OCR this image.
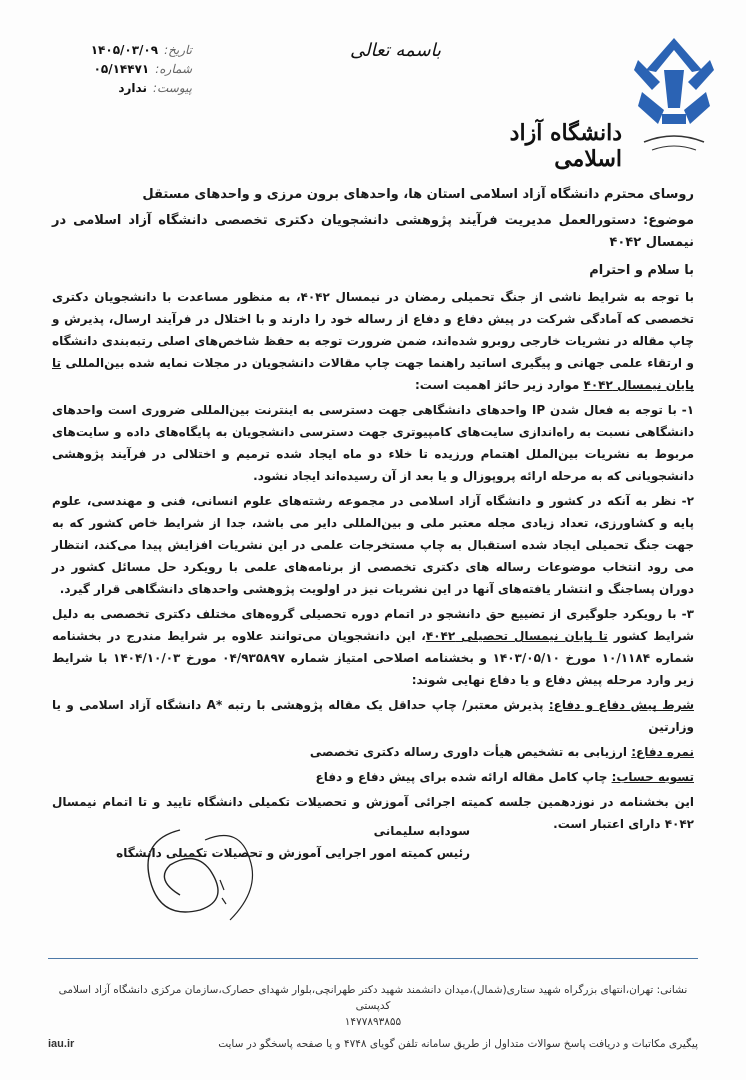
دانشگاه آزاد اسلامی
باسمه تعالی
تاریخ:
۱۴۰۵/۰۳/۰۹
شماره:
۰۵/۱۴۴۷۱
پیوست:
ندارد

روسای محترم دانشگاه آزاد اسلامی استان ها، واحدهای برون مرزی و واحدهای مستقل

موضوع: دستورالعمل مدیریت فرآیند پژوهشی دانشجویان دکتری تخصصی دانشگاه آزاد اسلامی در نیمسال ۴۰۴۲

با سلام و احترام

با توجه به شرایط ناشی از جنگ تحمیلی رمضان در نیمسال ۴۰۴۲، به منظور مساعدت با دانشجویان دکتری تخصصی که آمادگی شرکت در پیش دفاع و دفاع از رساله خود را دارند و با اختلال در فرآیند ارسال، پذیرش و چاپ مقاله در نشریات خارجی روبرو شده‌اند، ضمن ضرورت توجه به حفظ شاخص‌های اصلی رتبه‌بندی دانشگاه و ارتقاء علمی جهانی و پیگیری اساتید راهنما جهت چاپ مقالات دانشجویان در مجلات نمایه شده بین‌المللی تا پایان نیمسال ۴۰۴۲ موارد زیر حائز اهمیت است:

۱- با توجه به فعال شدن IP واحدهای دانشگاهی جهت دسترسی به اینترنت بین‌المللی ضروری است واحدهای دانشگاهی نسبت به راه‌اندازی سایت‌های کامپیوتری جهت دسترسی دانشجویان به پایگاه‌های داده و سایت‌های مربوط به نشریات بین‌الملل اهتمام ورزیده تا خلاء دو ماه ایجاد شده ترمیم و اختلالی در فرآیند پژوهشی دانشجویانی که به مرحله ارائه پروپوزال و یا بعد از آن رسیده‌اند ایجاد نشود.

۲- نظر به آنکه در کشور و دانشگاه آزاد اسلامی در مجموعه رشته‌های علوم انسانی، فنی و مهندسی، علوم پایه و کشاورزی، تعداد زیادی مجله معتبر ملی و بین‌المللی دایر می باشد، جدا از شرایط خاص کشور که به جهت جنگ تحمیلی ایجاد شده استقبال به چاپ مستخرجات علمی در این نشریات افزایش پیدا می‌کند، انتظار می رود انتخاب موضوعات رساله های دکتری تخصصی از برنامه‌های علمی با رویکرد حل مسائل کشور در دوران پساجنگ و انتشار یافته‌های آنها در این نشریات نیز در اولویت پژوهشی واحدهای دانشگاهی قرار گیرد.

۳- با رویکرد جلوگیری از تضییع حق دانشجو در اتمام دوره تحصیلی گروه‌های مختلف دکتری تخصصی به دلیل شرایط کشور تا پایان نیمسال تحصیلی ۴۰۴۲، این دانشجویان می‌توانند علاوه بر شرایط مندرج در بخشنامه شماره ۱۰/۱۱۸۴ مورخ ۱۴۰۳/۰۵/۱۰ و بخشنامه اصلاحی امتیاز شماره ۰۴/۹۳۵۸۹۷ مورخ ۱۴۰۴/۱۰/۰۳ با شرایط زیر وارد مرحله پیش دفاع و یا دفاع نهایی شوند:

شرط پیش دفاع و دفاع: پذیرش معتبر/ چاپ حداقل یک مقاله پژوهشی با رتبه *A دانشگاه آزاد اسلامی و یا وزارتین

نمره دفاع: ارزیابی به تشخیص هیأت داوری رساله دکتری تخصصی

تسویه حساب: چاپ کامل مقاله ارائه شده برای پیش دفاع و دفاع

این بخشنامه در نوزدهمین جلسه کمیته اجرائی آموزش و تحصیلات تکمیلی دانشگاه تایید و تا اتمام نیمسال ۴۰۴۲ دارای اعتبار است.

سودابه سلیمانی
رئیس کمیته امور اجرایی آموزش و تحصیلات تکمیلی دانشگاه
نشانی: تهران،انتهای بزرگراه شهید ستاری(شمال)،میدان دانشمند شهید دکتر طهرانچی،بلوار شهدای حصارک،سازمان مرکزی دانشگاه آزاد اسلامی کدپستی
۱۴۷۷۸۹۳۸۵۵
پیگیری مکاتبات و دریافت پاسخ سوالات متداول از طریق سامانه تلفن گویای ۴۷۴۸ و یا صفحه پاسخگو در سایت
iau.ir
